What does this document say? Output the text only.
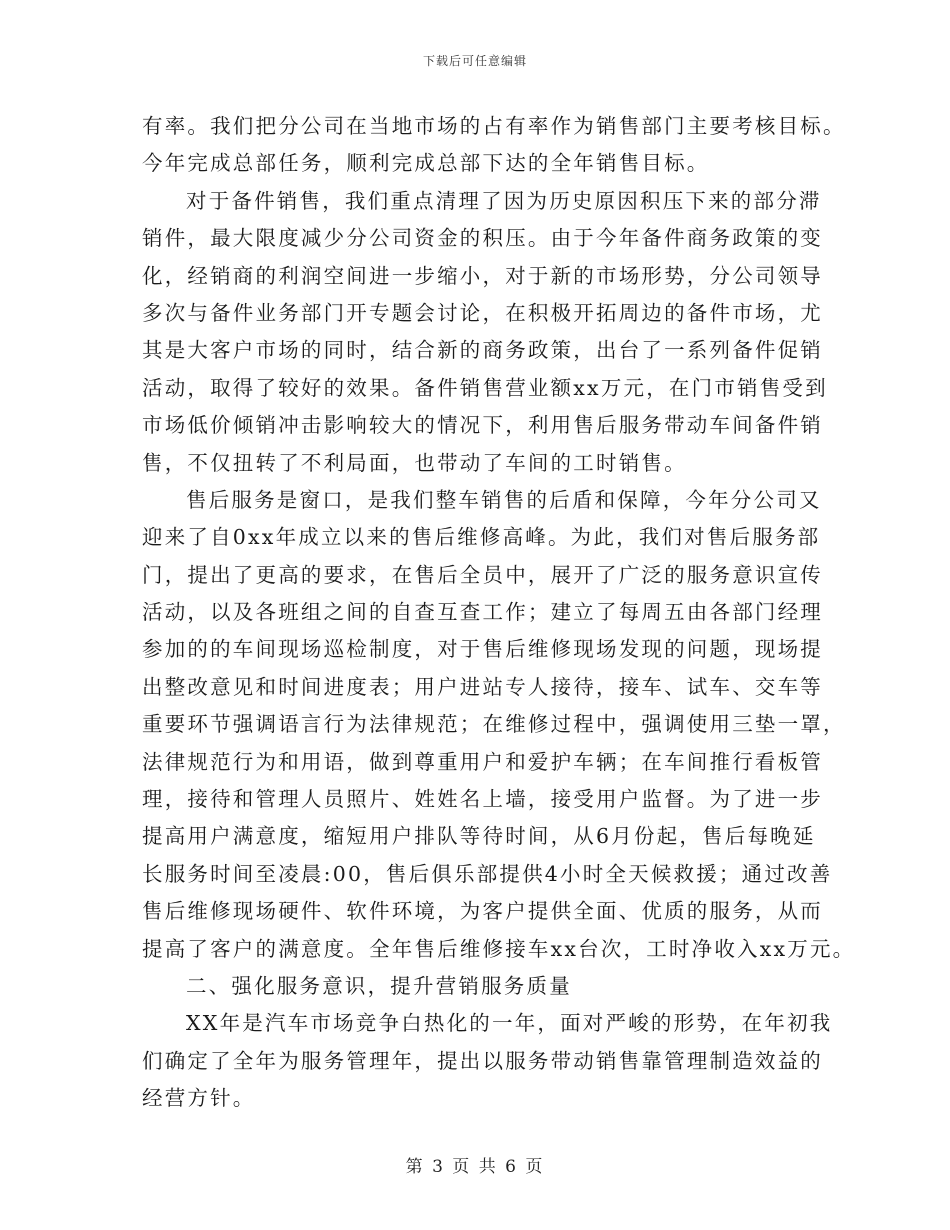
下载后可任意编辑
有率。我们把分公司在当地市场的占有率作为销售部门主要考核目标。
今年完成总部任务，顺利完成总部下达的全年销售目标。
对于备件销售，我们重点清理了因为历史原因积压下来的部分滞
销件，最大限度减少分公司资金的积压。由于今年备件商务政策的变
化，经销商的利润空间进一步缩小，对于新的市场形势，分公司领导
多次与备件业务部门开专题会讨论，在积极开拓周边的备件市场，尤
其是大客户市场的同时，结合新的商务政策，出台了一系列备件促销
活动，取得了较好的效果。备件销售营业额xx万元，在门市销售受到
市场低价倾销冲击影响较大的情况下，利用售后服务带动车间备件销
售，不仅扭转了不利局面，也带动了车间的工时销售。
售后服务是窗口，是我们整车销售的后盾和保障，今年分公司又
迎来了自0xx年成立以来的售后维修高峰。为此，我们对售后服务部
门，提出了更高的要求，在售后全员中，展开了广泛的服务意识宣传
活动，以及各班组之间的自查互查工作；建立了每周五由各部门经理
参加的的车间现场巡检制度，对于售后维修现场发现的问题，现场提
出整改意见和时间进度表；用户进站专人接待，接车、试车、交车等
重要环节强调语言行为法律规范；在维修过程中，强调使用三垫一罩，
法律规范行为和用语，做到尊重用户和爱护车辆；在车间推行看板管
理，接待和管理人员照片、姓姓名上墙，接受用户监督。为了进一步
提高用户满意度，缩短用户排队等待时间，从6月份起，售后每晚延
长服务时间至凌晨:00，售后俱乐部提供4小时全天候救援；通过改善
售后维修现场硬件、软件环境，为客户提供全面、优质的服务，从而
提高了客户的满意度。全年售后维修接车xx台次，工时净收入xx万元。
二、强化服务意识，提升营销服务质量
XX年是汽车市场竞争白热化的一年，面对严峻的形势，在年初我
们确定了全年为服务管理年，提出以服务带动销售靠管理制造效益的
经营方针。
第 3 页 共 6 页
